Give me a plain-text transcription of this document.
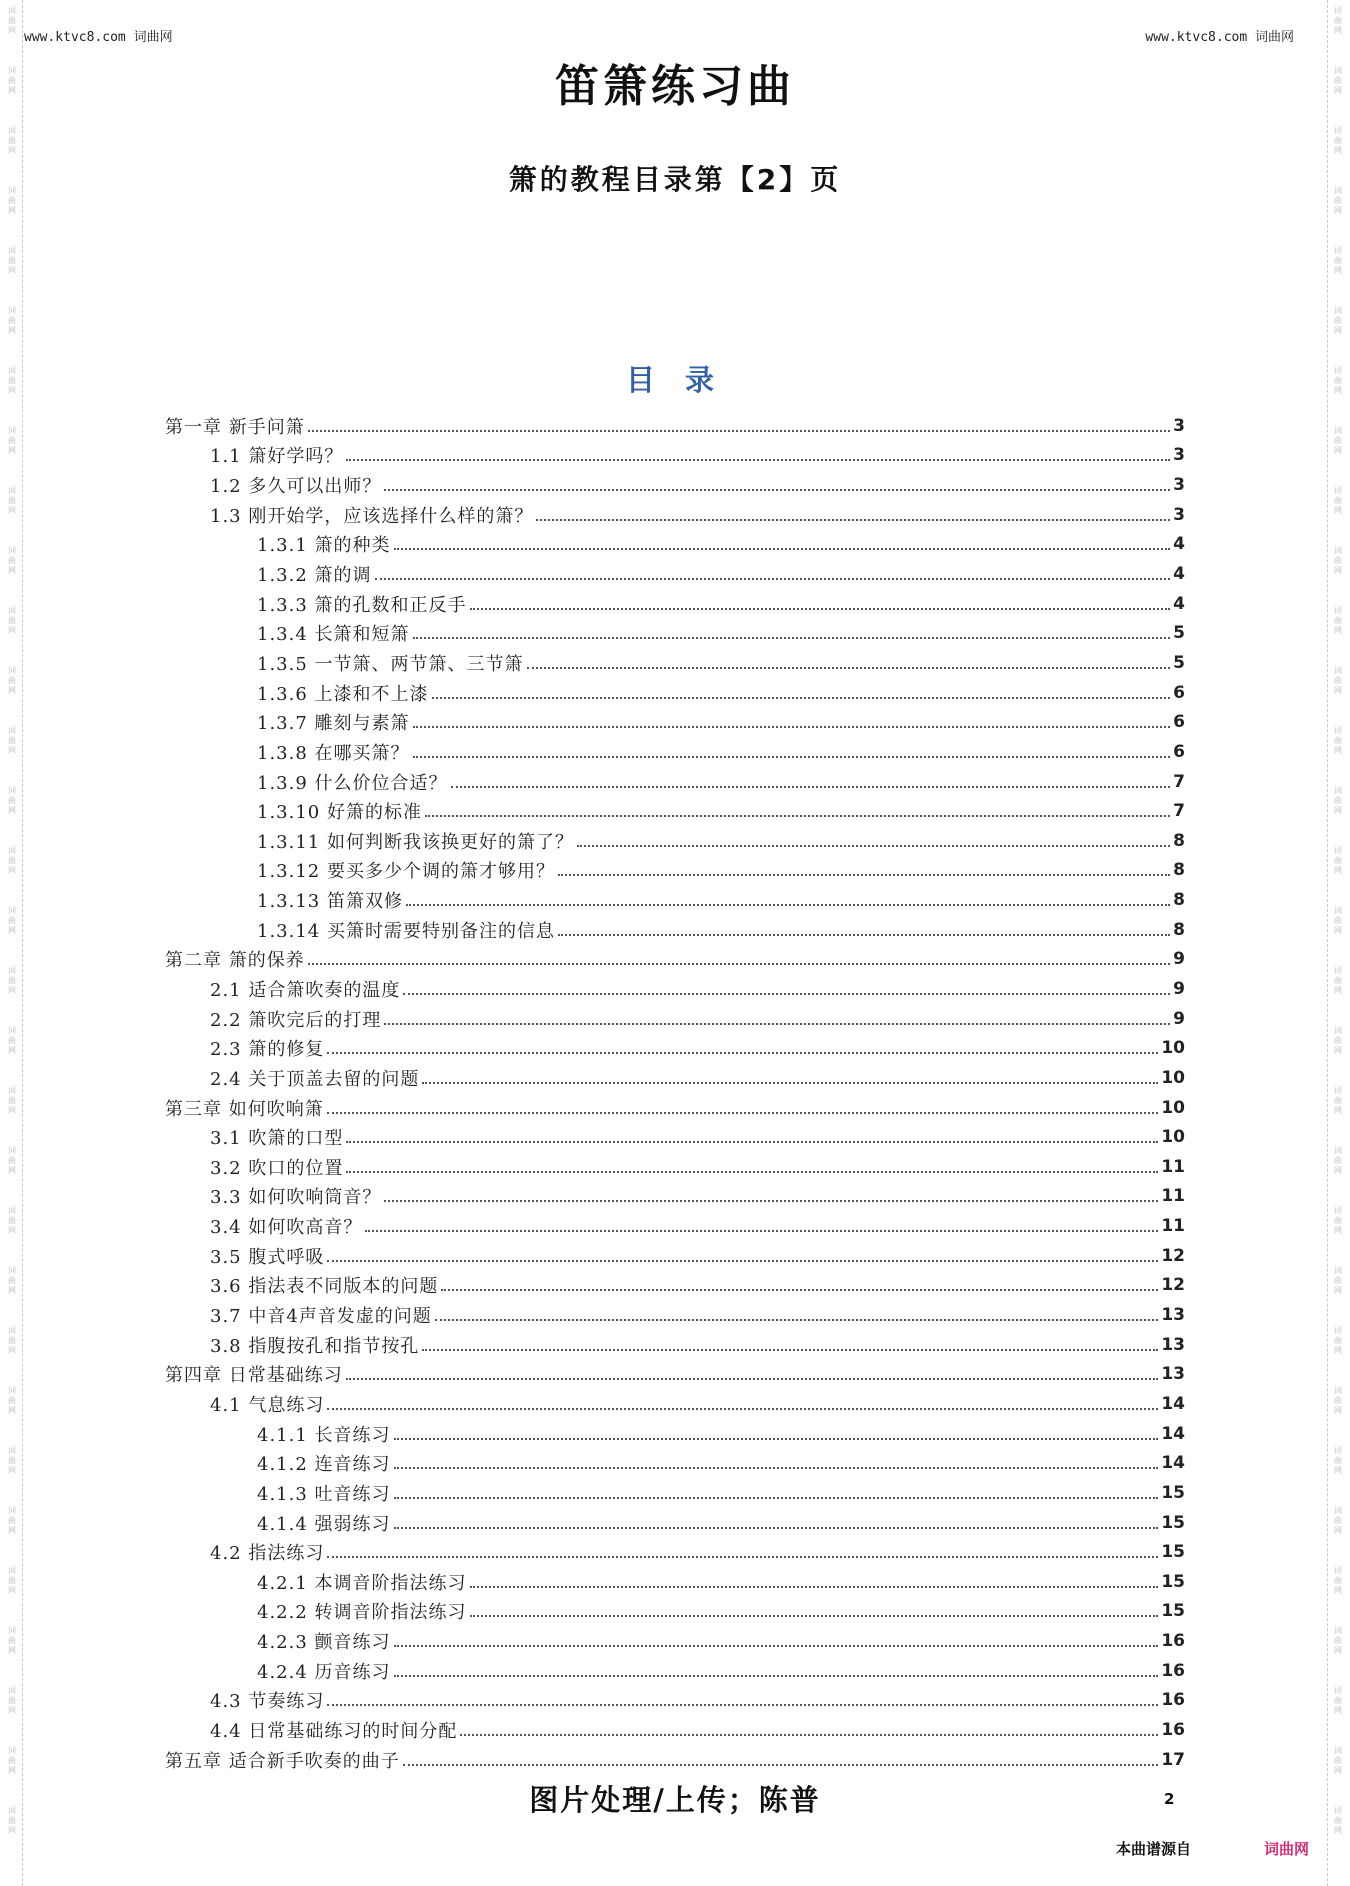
词
曲
网
词
曲
网
词
曲
网
词
曲
网
词
曲
网
词
曲
网
词
曲
网
词
曲
网
词
曲
网
词
曲
网
词
曲
网
词
曲
网
词
曲
网
词
曲
网
词
曲
网
词
曲
网
词
曲
网
词
曲
网
词
曲
网
词
曲
网
词
曲
网
词
曲
网
词
曲
网
词
曲
网
词
曲
网
词
曲
网
词
曲
网
词
曲
网
词
曲
网
词
曲
网
词
曲
网
词
曲
网
词
曲
网
词
曲
网
词
曲
网
词
曲
网
词
曲
网
词
曲
网
词
曲
网
词
曲
网
词
曲
网
词
曲
网
词
曲
网
词
曲
网
词
曲
网
词
曲
网
词
曲
网
词
曲
网
词
曲
网
词
曲
网
词
曲
网
词
曲
网
词
曲
网
词
曲
网
词
曲
网
词
曲
网
词
曲
网
词
曲
网
词
曲
网
词
曲
网
词
曲
网
词
曲
网
www.ktvc8.com 词曲网	www.ktvc8.com 词曲网
笛箫练习曲
箫的教程目录第【2】页
目 录
第一章 新手问箫	3
1.1 箫好学吗？	3
1.2 多久可以出师？	3
1.3 刚开始学，应该选择什么样的箫？	3
1.3.1 箫的种类	4
1.3.2 箫的调	4
1.3.3 箫的孔数和正反手	4
1.3.4 长箫和短箫	5
1.3.5 一节箫、两节箫、三节箫	5
1.3.6 上漆和不上漆	6
1.3.7 雕刻与素箫	6
1.3.8 在哪买箫？	6
1.3.9 什么价位合适？	7
1.3.10 好箫的标准	7
1.3.11 如何判断我该换更好的箫了？	8
1.3.12 要买多少个调的箫才够用？	8
1.3.13 笛箫双修	8
1.3.14 买箫时需要特别备注的信息	8
第二章 箫的保养	9
2.1 适合箫吹奏的温度	9
2.2 箫吹完后的打理	9
2.3 箫的修复	10
2.4 关于顶盖去留的问题	10
第三章 如何吹响箫	10
3.1 吹箫的口型	10
3.2 吹口的位置	11
3.3 如何吹响筒音？	11
3.4 如何吹高音？	11
3.5 腹式呼吸	12
3.6 指法表不同版本的问题	12
3.7 中音4声音发虚的问题	13
3.8 指腹按孔和指节按孔	13
第四章 日常基础练习	13
4.1 气息练习	14
4.1.1 长音练习	14
4.1.2 连音练习	14
4.1.3 吐音练习	15
4.1.4 强弱练习	15
4.2 指法练习	15
4.2.1 本调音阶指法练习	15
4.2.2 转调音阶指法练习	15
4.2.3 颤音练习	16
4.2.4 历音练习	16
4.3 节奏练习	16
4.4 日常基础练习的时间分配	16
第五章 适合新手吹奏的曲子	17
图片处理/上传；陈普	2
本曲谱源自	词曲网
